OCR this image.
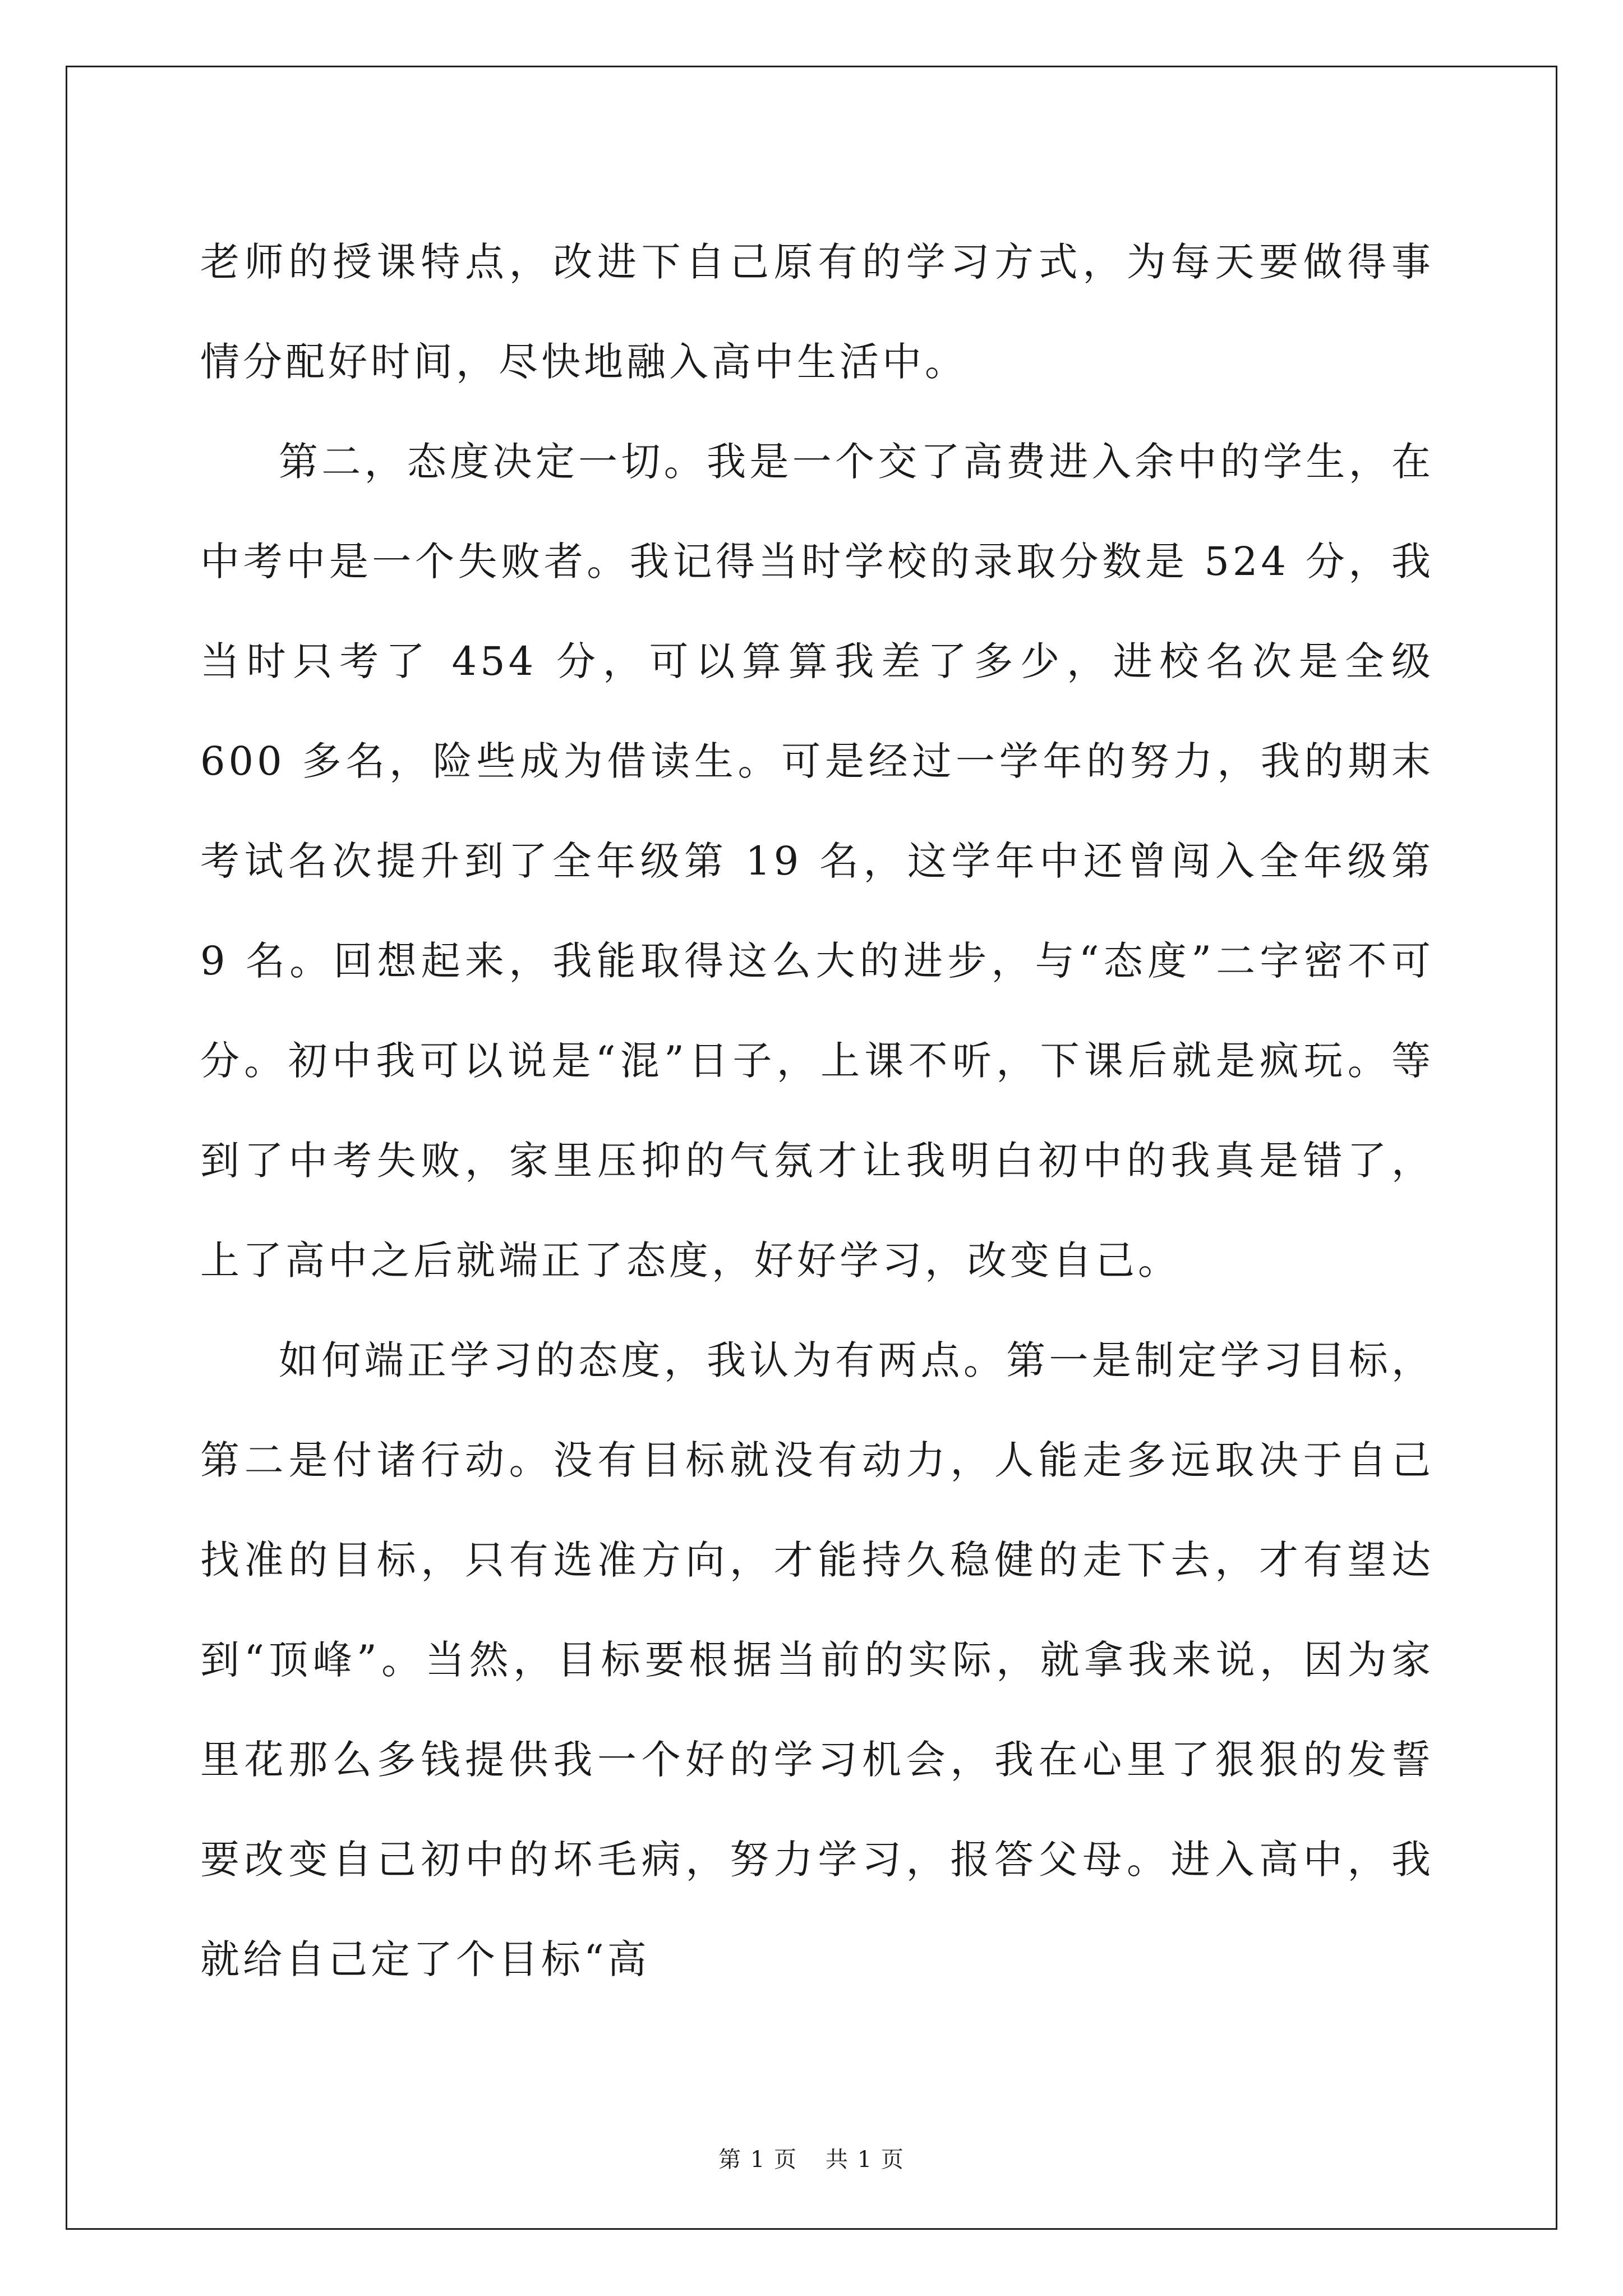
老师的授课特点，改进下自己原有的学习方式，为每天要做得事情分配好时间，尽快地融入高中生活中。

第二，态度决定一切。我是一个交了高费进入余中的学生，在中考中是一个失败者。我记得当时学校的录取分数是 524 分，我当时只考了 454 分，可以算算我差了多少，进校名次是全级 600 多名，险些成为借读生。可是经过一学年的努力，我的期末考试名次提升到了全年级第 19 名，这学年中还曾闯入全年级第 9 名。回想起来，我能取得这么大的进步，与“态度”二字密不可分。初中我可以说是“混”日子，上课不听，下课后就是疯玩。等到了中考失败，家里压抑的气氛才让我明白初中的我真是错了，上了高中之后就端正了态度，好好学习，改变自己。

如何端正学习的态度，我认为有两点。第一是制定学习目标，第二是付诸行动。没有目标就没有动力，人能走多远取决于自己找准的目标，只有选准方向，才能持久稳健的走下去，才有望达到“顶峰”。当然，目标要根据当前的实际，就拿我来说，因为家里花那么多钱提供我一个好的学习机会，我在心里了狠狠的发誓要改变自己初中的坏毛病，努力学习，报答父母。进入高中，我就给自己定了个目标“高

第 1 页 共 1 页
